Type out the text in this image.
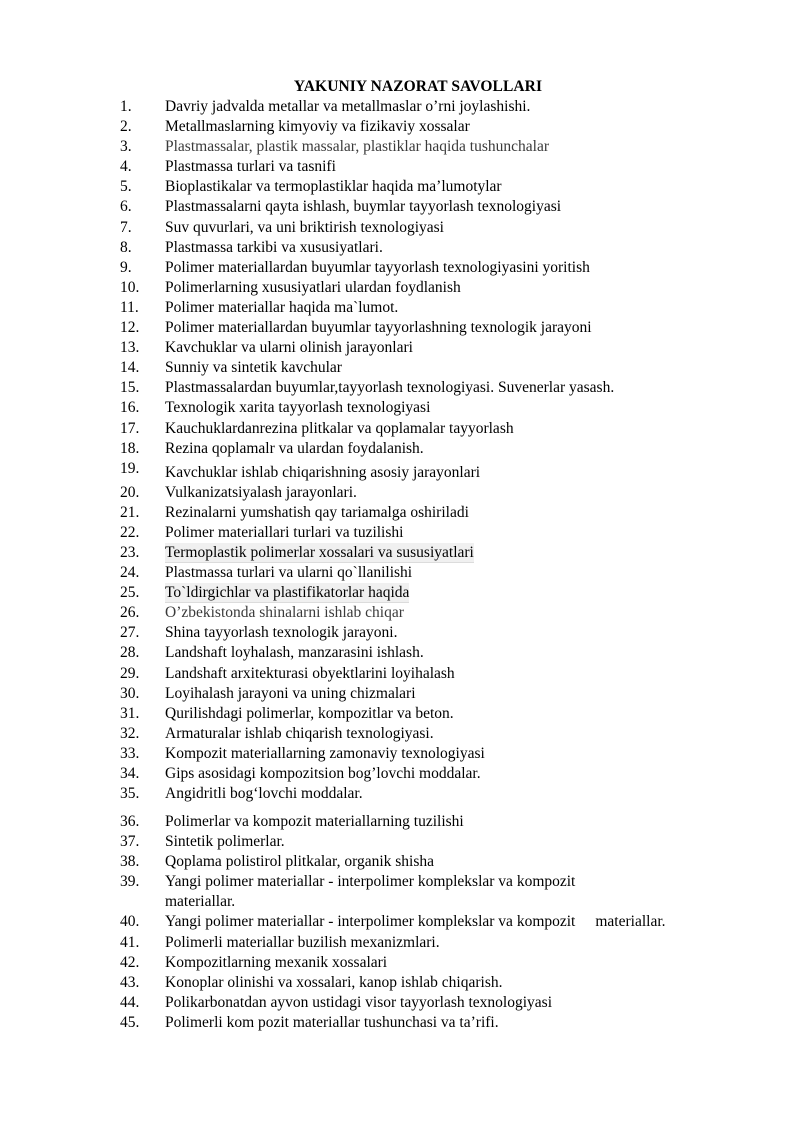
YAKUNIY NAZORAT SAVOLLARI
1.	Davriy jadvalda metallar va metallmaslar o’rni joylashishi.
2.	Metallmaslarning kimyoviy va fizikaviy xossalar
3.	Plastmassalar, plastik massalar, plastiklar haqida tushunchalar
4.	Plastmassa turlari va tasnifi
5.	Bioplastikalar va termoplastiklar haqida ma’lumotylar
6.	Plastmassalarni qayta ishlash, buymlar tayyorlash texnologiyasi
7.	Suv quvurlari, va uni briktirish texnologiyasi
8.	Plastmassa tarkibi va xususiyatlari.
9.	Polimer materiallardan buyumlar tayyorlash texnologiyasini yoritish
10.	Polimerlarning xususiyatlari ulardan foydlanish
11.	Polimer materiallar haqida ma`lumot.
12.	Polimer materiallardan buyumlar tayyorlashning texnologik jarayoni
13.	Kavchuklar va ularni olinish jarayonlari
14.	Sunniy va sintetik kavchular
15.	Plastmassalardan buyumlar,tayyorlash texnologiyasi. Suvenerlar yasash.
16.	Texnologik xarita tayyorlash texnologiyasi
17.	Kauchuklardanrezina plitkalar va qoplamalar tayyorlash
18.	Rezina qoplamalr va ulardan foydalanish.
19.	Kavchuklar ishlab chiqarishning asosiy jarayonlari
20.	Vulkanizatsiyalash jarayonlari.
21.	Rezinalarni yumshatish qay tariamalga oshiriladi
22.	Polimer materiallari turlari va tuzilishi
23.	Termoplastik polimerlar xossalari va sususiyatlari
24.	Plastmassa turlari va ularni qo`llanilishi
25.	To`ldirgichlar va plastifikatorlar haqida
26.	O’zbekistonda shinalarni ishlab chiqar
27.	Shina tayyorlash texnologik jarayoni.
28.	Landshaft loyhalash, manzarasini ishlash.
29.	Landshaft arxitekturasi obyektlarini loyihalash
30.	Loyihalash jarayoni va uning chizmalari
31.	Qurilishdagi polimerlar, kompozitlar va beton.
32.	Armaturalar ishlab chiqarish texnologiyasi.
33.	Kompozit materiallarning zamonaviy texnologiyasi
34.	Gips asosidagi kompozitsion bog’lovchi moddalar.
35.	Angidritli bog‘lovchi moddalar.
36.	Polimerlar va kompozit materiallarning tuzilishi
37.	Sintetik polimerlar.
38.	Qoplama polistirol plitkalar, organik shisha
39.	Yangi polimer materiallar - interpolimer komplekslar va kompozit materiallar.
40.	Yangi polimer materiallar - interpolimer komplekslar va kompozit materiallar.
41.	Polimerli materiallar buzilish mexanizmlari.
42.	Kompozitlarning mexanik xossalari
43.	Konoplar olinishi va xossalari, kanop ishlab chiqarish.
44.	Polikarbonatdan ayvon ustidagi visor tayyorlash texnologiyasi
45.	Polimerli kom pozit materiallar tushunchasi va ta’rifi.
